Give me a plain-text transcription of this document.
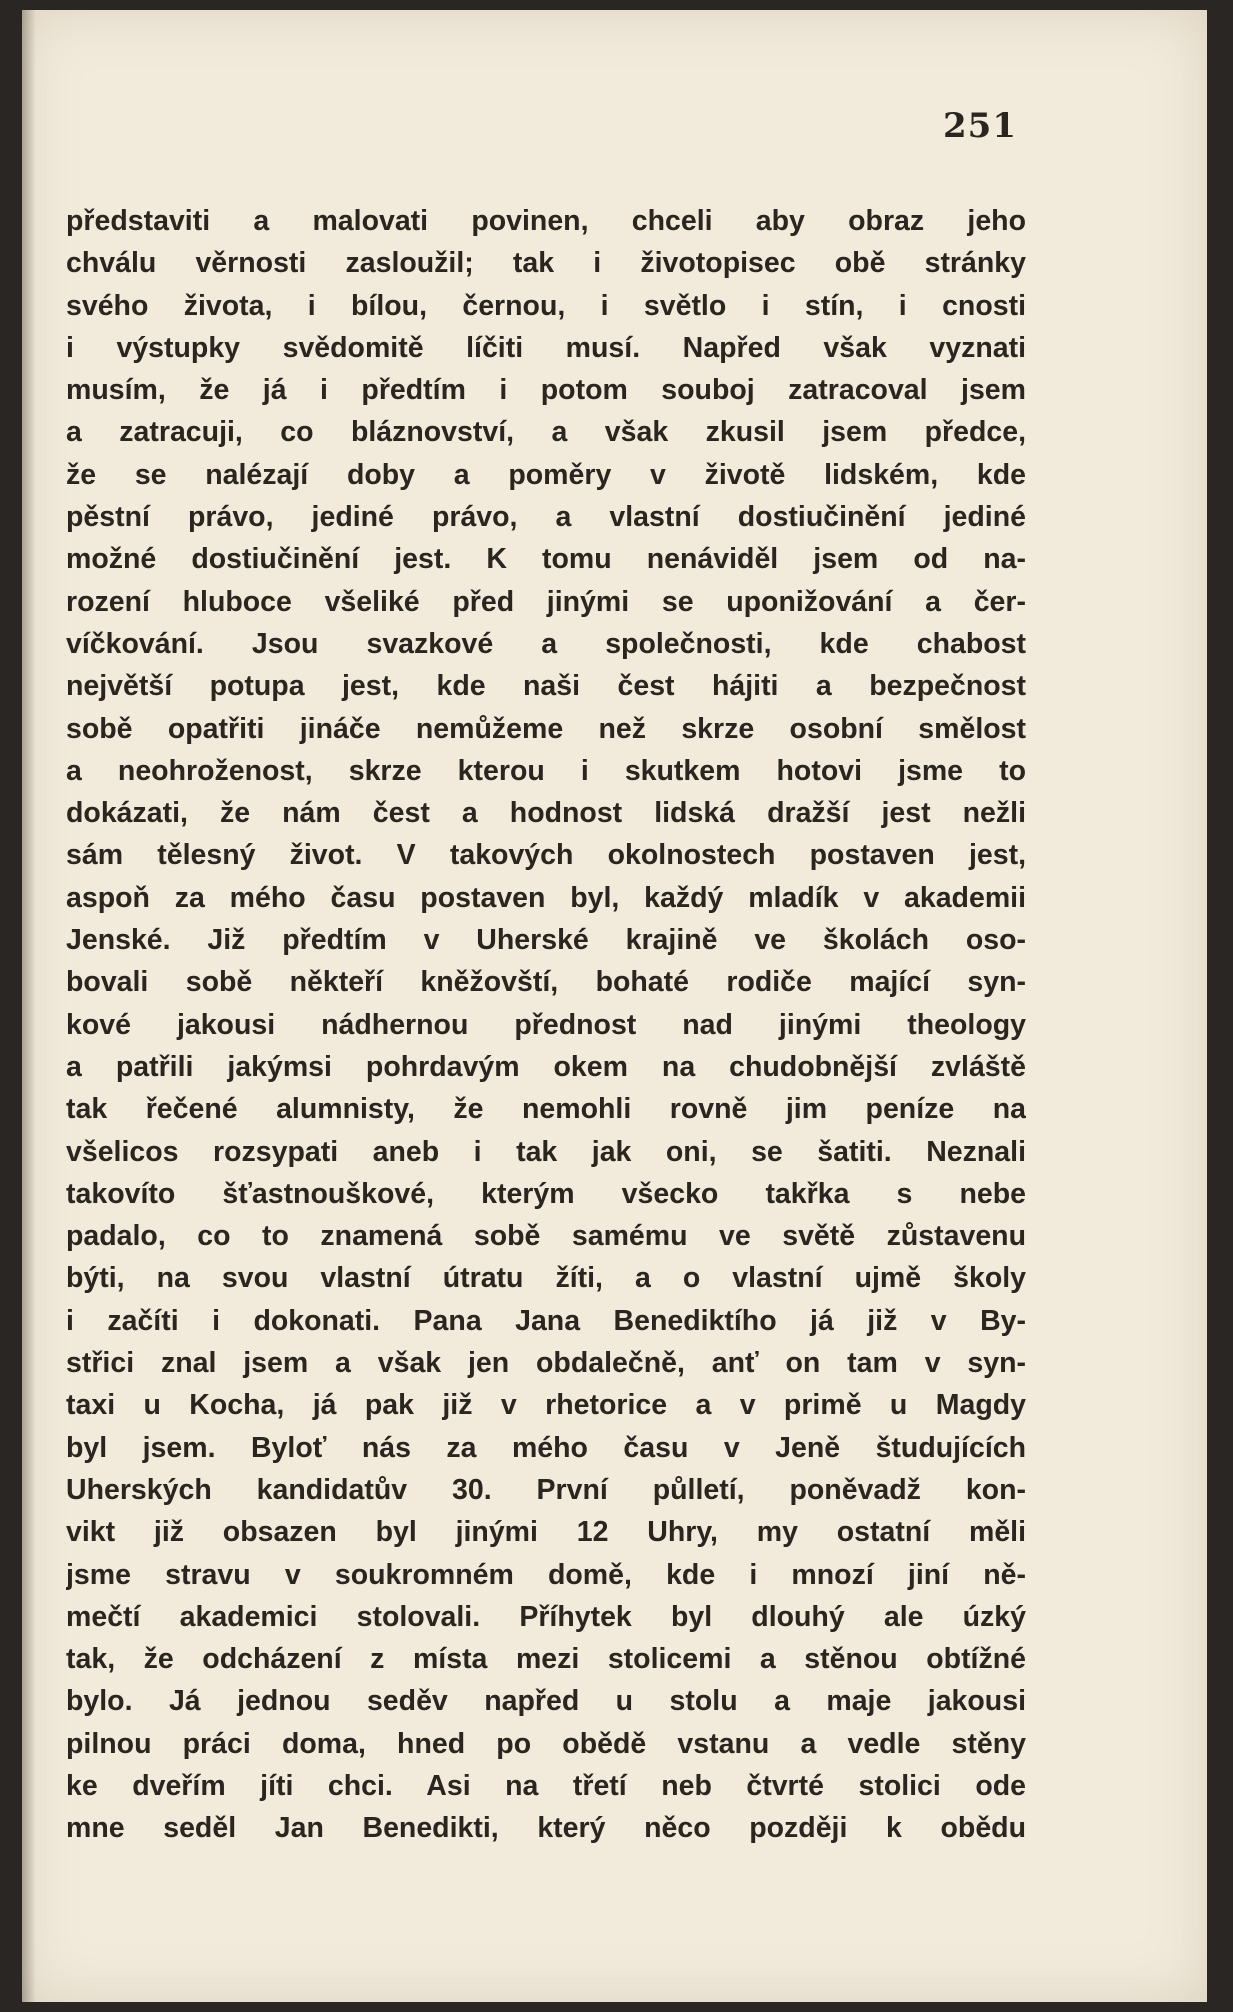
251
představiti a malovati povinen, chceli aby obraz jeho
chválu věrnosti zasloužil; tak i životopisec obě stránky
svého života, i bílou, černou, i světlo i stín, i cnosti
i výstupky svědomitě líčiti musí. Napřed však vyznati
musím, že já i předtím i potom souboj zatracoval jsem
a zatracuji, co bláznovství, a však zkusil jsem předce,
že se nalézají doby a poměry v životě lidském, kde
pěstní právo, jediné právo, a vlastní dostiučinění jediné
možné dostiučinění jest. K tomu nenáviděl jsem od na-
rození hluboce všeliké před jinými se uponižování a čer-
víčkování. Jsou svazkové a společnosti, kde chabost
největší potupa jest, kde naši čest hájiti a bezpečnost
sobě opatřiti jináče nemůžeme než skrze osobní smělost
a neohroženost, skrze kterou i skutkem hotovi jsme to
dokázati, že nám čest a hodnost lidská dražší jest nežli
sám tělesný život. V takových okolnostech postaven jest,
aspoň za mého času postaven byl, každý mladík v akademii
Jenské. Již předtím v Uherské krajině ve školách oso-
bovali sobě někteří kněžovští, bohaté rodiče mající syn-
kové jakousi nádhernou přednost nad jinými theology
a patřili jakýmsi pohrdavým okem na chudobnější zvláště
tak řečené alumnisty, že nemohli rovně jim peníze na
všelicos rozsypati aneb i tak jak oni, se šatiti. Neznali
takovíto šťastnouškové, kterým všecko takřka s nebe
padalo, co to znamená sobě samému ve světě zůstavenu
býti, na svou vlastní útratu žíti, a o vlastní ujmě školy
i začíti i dokonati. Pana Jana Benediktího já již v By-
střici znal jsem a však jen obdalečně, anť on tam v syn-
taxi u Kocha, já pak již v rhetorice a v primě u Magdy
byl jsem. Byloť nás za mého času v Jeně študujících
Uherských kandidatův 30. První půlletí, poněvadž kon-
vikt již obsazen byl jinými 12 Uhry, my ostatní měli
jsme stravu v soukromném domě, kde i mnozí jiní ně-
mečtí akademici stolovali. Příhytek byl dlouhý ale úzký
tak, že odcházení z místa mezi stolicemi a stěnou obtížné
bylo. Já jednou seděv napřed u stolu a maje jakousi
pilnou práci doma, hned po obědě vstanu a vedle stěny
ke dveřím jíti chci. Asi na třetí neb čtvrté stolici ode
mne seděl Jan Benedikti, který něco později k obědu
